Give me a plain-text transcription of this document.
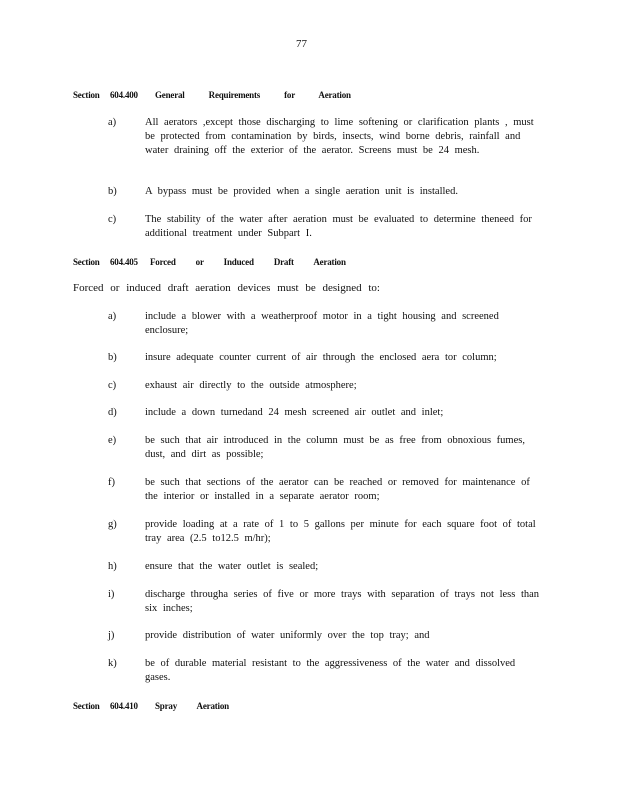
77
Section 604.400 General Requirements for Aeration
a)	All aerators ,except those discharging to lime softening or clarification plants , must be protected from contamination by birds, insects, wind borne debris, rainfall and water draining off the exterior of the aerator. Screens must be 24 mesh.
b)	A bypass must be provided when a single aeration unit is installed.
c)	The stability of the water after aeration must be evaluated to determine theneed for additional treatment under Subpart I.
Section 604.405 Forced or Induced Draft Aeration
Forced or induced draft aeration devices must be designed to:
a)	include a blower with a weatherproof motor in a tight housing and screened enclosure;
b)	insure adequate counter current of air through the enclosed aera tor column;
c)	exhaust air directly to the outside atmosphere;
d)	include a down turnedand 24 mesh screened air outlet and inlet;
e)	be such that air introduced in the column must be as free from obnoxious fumes, dust, and dirt as possible;
f)	be such that sections of the aerator can be reached or removed for maintenance of the interior or installed in a separate aerator room;
g)	provide loading at a rate of 1 to 5 gallons per minute for each square foot of total tray area (2.5 to12.5 m/hr);
h)	ensure that the water outlet is sealed;
i)	discharge througha series of five or more trays with separation of trays not less than six inches;
j)	provide distribution of water uniformly over the top tray; and
k)	be of durable material resistant to the aggressiveness of the water and dissolved gases.
Section 604.410 Spray Aeration
